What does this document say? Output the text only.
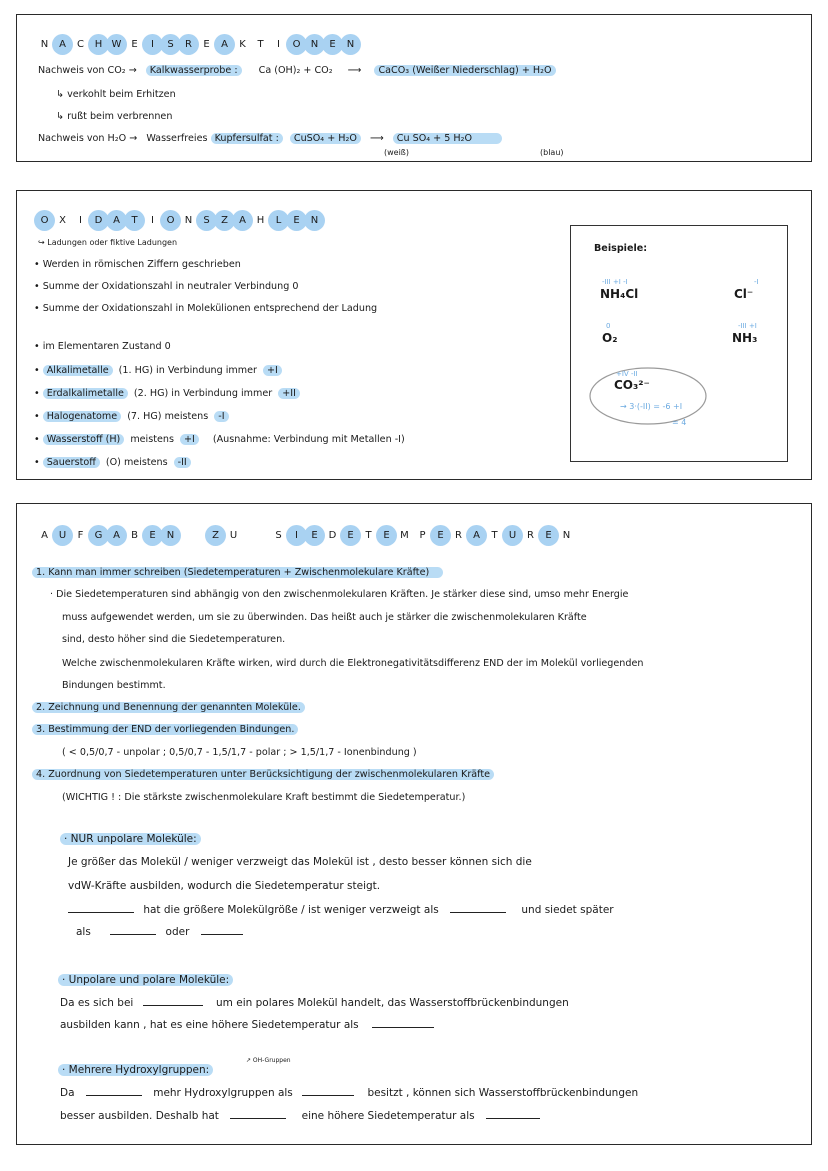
N	A	C	H W E	I	S	R	E	A	K	T	I	O	N	E	N
Nachweis von CO₂ → Kalkwasserprobe : Ca (OH)₂ + CO₂ ⟶ CaCO₃ (Weißer Niederschlag) + H₂O
↳ verkohlt beim Erhitzen
↳ rußt beim verbrennen
Nachweis von H₂O → Wasserfreies Kupfersulfat : CuSO₄ + H₂O ⟶ Cu SO₄ + 5 H₂O
(weiß)	(blau)
O	X	I	D	A	T	I	O	N	S	Z	A	H	L	E	N
↪ Ladungen oder fiktive Ladungen
• Werden in römischen Ziffern geschrieben
• Summe der Oxidationszahl in neutraler Verbindung 0
• Summe der Oxidationszahl in Molekülionen entsprechend der Ladung
• im Elementaren Zustand 0
• Alkalimetalle (1. HG) in Verbindung immer +I
• Erdalkalimetalle (2. HG) in Verbindung immer +II
• Halogenatome (7. HG) meistens -I
• Wasserstoff (H) meistens +I (Ausnahme: Verbindung mit Metallen -I)
• Sauerstoff (O) meistens -II
Beispiele:
-III +I -I
NH₄Cl
-I
Cl⁻
0
O₂
-III +I
NH₃
+IV -II
CO₃²⁻
→ 3·(-II) = -6 +I
= 4
A	U	F	G	A	B	E	N	Z	U	S	I	E	D	E	T	E	M	P	E	R	A	T	U	R	E	N
1. Kann man immer schreiben (Siedetemperaturen + Zwischenmolekulare Kräfte)
· Die Siedetemperaturen sind abhängig von den zwischenmolekularen Kräften. Je stärker diese sind, umso mehr Energie
muss aufgewendet werden, um sie zu überwinden. Das heißt auch je stärker die zwischenmolekularen Kräfte
sind, desto höher sind die Siedetemperaturen.
Welche zwischenmolekularen Kräfte wirken, wird durch die Elektronegativitätsdifferenz END der im Molekül vorliegenden
Bindungen bestimmt.
2. Zeichnung und Benennung der genannten Moleküle.
3. Bestimmung der END der vorliegenden Bindungen.
( < 0,5/0,7 - unpolar ; 0,5/0,7 - 1,5/1,7 - polar ; > 1,5/1,7 - Ionenbindung )
4. Zuordnung von Siedetemperaturen unter Berücksichtigung der zwischenmolekularen Kräfte
(WICHTIG ! : Die stärkste zwischenmolekulare Kraft bestimmt die Siedetemperatur.)
· NUR unpolare Moleküle:
Je größer das Molekül / weniger verzweigt das Molekül ist , desto besser können sich die
vdW-Kräfte ausbilden, wodurch die Siedetemperatur steigt.
hat die größere Molekülgröße / ist weniger verzweigt als	und siedet später
als	oder
· Unpolare und polare Moleküle:
Da es sich bei	um ein polares Molekül handelt, das Wasserstoffbrückenbindungen
ausbilden kann , hat es eine höhere Siedetemperatur als
↗ OH-Gruppen
· Mehrere Hydroxylgruppen:
Da	mehr Hydroxylgruppen als	besitzt , können sich Wasserstoffbrückenbindungen
besser ausbilden. Deshalb hat	eine höhere Siedetemperatur als
